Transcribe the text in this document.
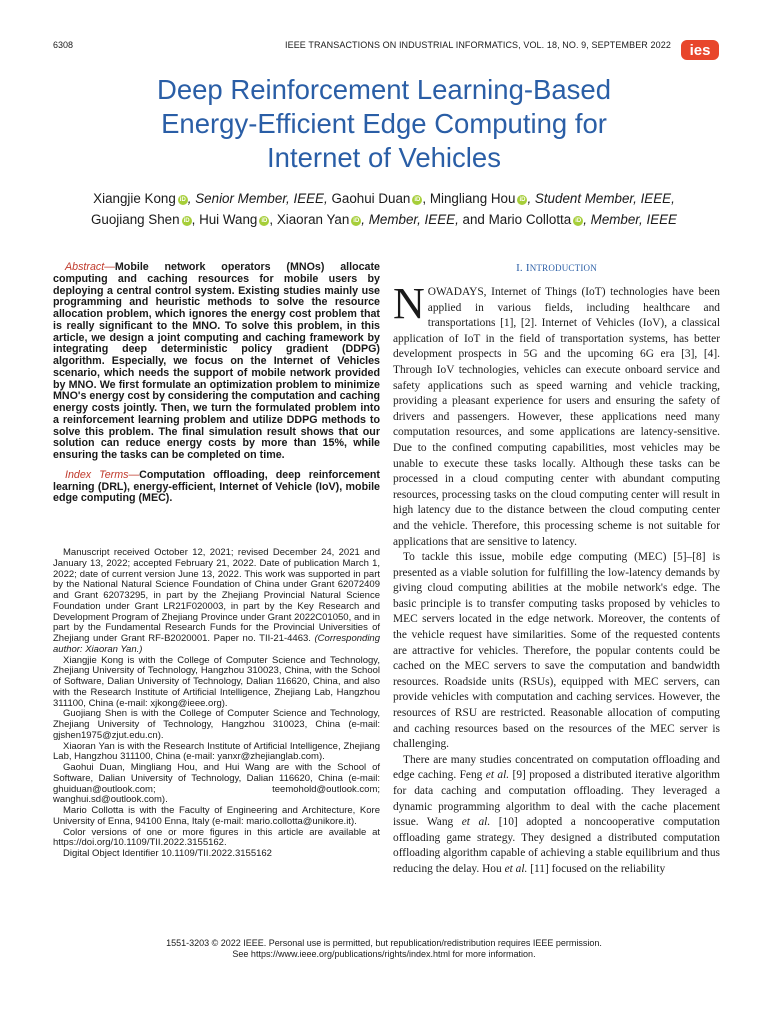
6308	IEEE TRANSACTIONS ON INDUSTRIAL INFORMATICS, VOL. 18, NO. 9, SEPTEMBER 2022 ies
Deep Reinforcement Learning-Based
Energy-Efficient Edge Computing for
Internet of Vehicles
Xiangjie Kong iD , Senior Member, IEEE, Gaohui Duan iD , Mingliang Hou iD , Student Member, IEEE,
Guojiang Shen iD , Hui Wang iD , Xiaoran Yan iD , Member, IEEE, and Mario Collotta iD , Member, IEEE

Abstract—Mobile network operators (MNOs) allocate computing and caching resources for mobile users by deploying a central control system. Existing studies mainly use programming and heuristic methods to solve the resource allocation problem, which ignores the energy cost problem that is really significant to the MNO. To solve this problem, in this article, we design a joint computing and caching framework by integrating deep deterministic policy gradient (DDPG) algorithm. Especially, we focus on the Internet of Vehicles scenario, which needs the support of mobile network provided by MNO. We first formulate an optimization problem to minimize MNO's energy cost by considering the computation and caching energy costs jointly. Then, we turn the formulated problem into a reinforcement learning problem and utilize DDPG methods to solve this problem. The final simulation result shows that our solution can reduce energy costs by more than 15%, while ensuring the tasks can be completed on time.

Index Terms—Computation offloading, deep reinforcement learning (DRL), energy-efficient, Internet of Vehicle (IoV), mobile edge computing (MEC).

Manuscript received October 12, 2021; revised December 24, 2021 and January 13, 2022; accepted February 21, 2022. Date of publication March 1, 2022; date of current version June 13, 2022. This work was supported in part by the National Natural Science Foundation of China under Grant 62072409 and Grant 62073295, in part by the Zhejiang Provincial Natural Science Foundation under Grant LR21F020003, in part by the Key Research and Development Program of Zhejiang Province under Grant 2022C01050, and in part by the Fundamental Research Funds for the Provincial Universities of Zhejiang under Grant RF-B2020001. Paper no. TII-21-4463. (Corresponding author: Xiaoran Yan.)

Xiangjie Kong is with the College of Computer Science and Technology, Zhejiang University of Technology, Hangzhou 310023, China, with the School of Software, Dalian University of Technology, Dalian 116620, China, and also with the Research Institute of Artificial Intelligence, Zhejiang Lab, Hangzhou 311100, China (e-mail: xjkong@ieee.org).

Guojiang Shen is with the College of Computer Science and Technology, Zhejiang University of Technology, Hangzhou 310023, China (e-mail: gjshen1975@zjut.edu.cn).

Xiaoran Yan is with the Research Institute of Artificial Intelligence, Zhejiang Lab, Hangzhou 311100, China (e-mail: yanxr@zhejianglab.com).

Gaohui Duan, Mingliang Hou, and Hui Wang are with the School of Software, Dalian University of Technology, Dalian 116620, China (e-mail: ghuiduan@outlook.com; teemohold@outlook.com; wanghui.sd@outlook.com).

Mario Collotta is with the Faculty of Engineering and Architecture, Kore University of Enna, 94100 Enna, Italy (e-mail: mario.collotta@unikore.it).

Color versions of one or more figures in this article are available at https://doi.org/10.1109/TII.2022.3155162.

Digital Object Identifier 10.1109/TII.2022.3155162

I. INTRODUCTION

NOWADAYS, Internet of Things (IoT) technologies have been applied in various fields, including healthcare and transportations [1], [2]. Internet of Vehicles (IoV), a classical application of IoT in the field of transportation systems, has better development prospects in 5G and the upcoming 6G era [3], [4]. Through IoV technologies, vehicles can execute onboard service and safety applications such as speed warning and vehicle tracking, providing a pleasant experience for users and ensuring the safety of drivers and passengers. However, these applications need many computation resources, and some applications are latency-sensitive. Due to the confined computing capabilities, most vehicles may be unable to execute these tasks locally. Although these tasks can be processed in a cloud computing center with abundant computing resources, processing tasks on the cloud computing center will result in high latency due to the distance between the cloud computing center and the vehicle. Therefore, this processing scheme is not suitable for applications that are sensitive to latency.

To tackle this issue, mobile edge computing (MEC) [5]–[8] is presented as a viable solution for fulfilling the low-latency demands by giving cloud computing abilities at the mobile network's edge. The basic principle is to transfer computing tasks proposed by vehicles to MEC servers located in the edge network. Moreover, the contents of the vehicle request have similarities. Some of the requested contents are attractive for vehicles. Therefore, the popular contents could be cached on the MEC servers to save the computation and bandwidth resources. Roadside units (RSUs), equipped with MEC servers, can provide vehicles with computation and caching services. However, the resources of RSU are restricted. Reasonable allocation of computing and caching resources based on the resources of the MEC server is challenging.

There are many studies concentrated on computation offloading and edge caching. Feng et al. [9] proposed a distributed iterative algorithm for data caching and computation offloading. They leveraged a dynamic programming algorithm to deal with the cache placement issue. Wang et al. [10] adopted a noncooperative computation offloading game strategy. They designed a distributed computation offloading algorithm capable of achieving a stable equilibrium and thus reducing the delay. Hou et al. [11] focused on the reliability

1551-3203 © 2022 IEEE. Personal use is permitted, but republication/redistribution requires IEEE permission.
See https://www.ieee.org/publications/rights/index.html for more information.
